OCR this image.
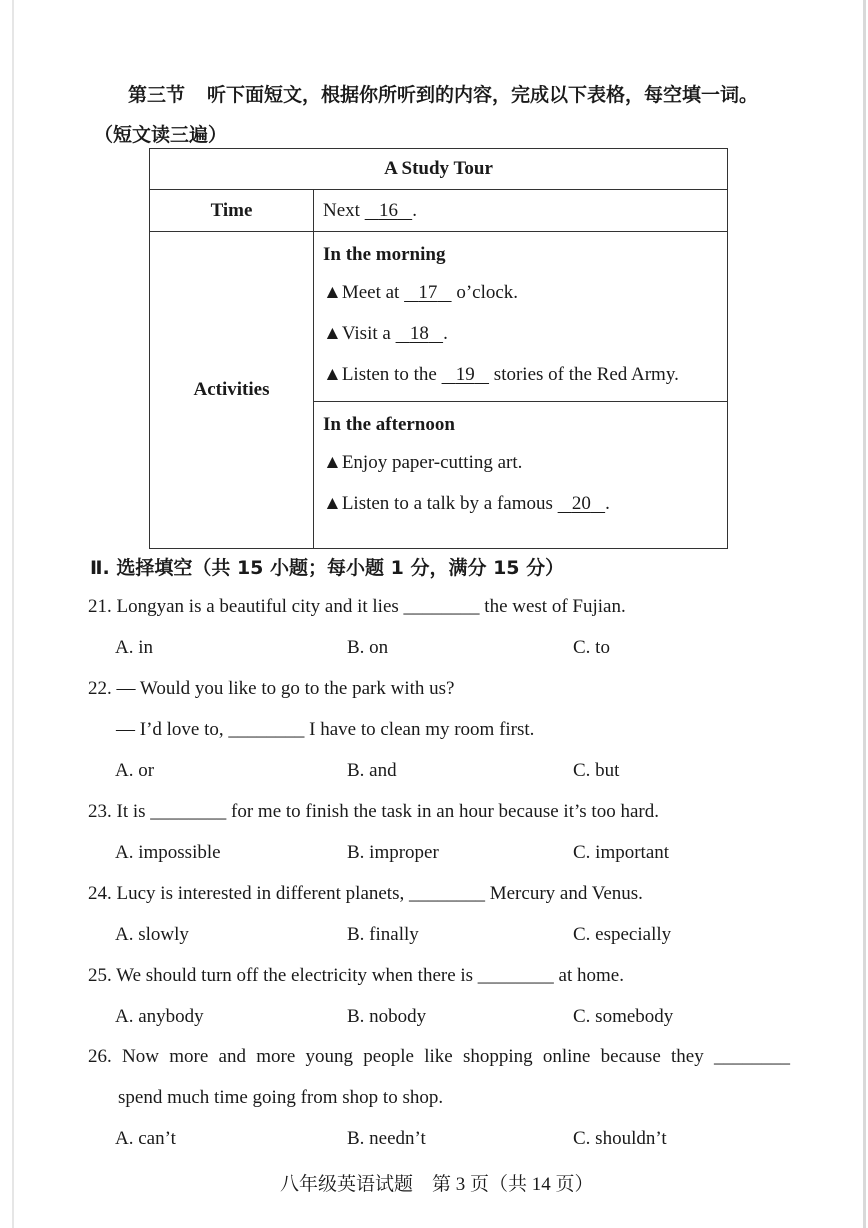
第三节 听下面短文，根据你所听到的内容，完成以下表格，每空填一词。
（短文读三遍）
A Study Tour	
Time	Next 16 .
Activities	In the morning
▲Meet at 17 o’clock.
▲Visit a 18 .
▲Listen to the 19 stories of the Red Army.

	In the afternoon
▲Enjoy paper-cutting art.
▲Listen to a talk by a famous 20 .
Ⅱ. 选择填空（共 15 小题；每小题 1 分，满分 15 分）
21. Longyan is a beautiful city and it lies ________ the west of Fujian.
A. in	B. on	C. to
22. — Would you like to go to the park with us?
— I’d love to, ________ I have to clean my room first.
A. or	B. and	C. but
23. It is ________ for me to finish the task in an hour because it’s too hard.
A. impossible	B. improper	C. important
24. Lucy is interested in different planets, ________ Mercury and Venus.
A. slowly	B. finally	C. especially
25. We should turn off the electricity when there is ________ at home.
A. anybody	B. nobody	C. somebody
26. Now more and more young people like shopping online because they ________
spend much time going from shop to shop.
A. can’t	B. needn’t	C. shouldn’t
八年级英语试题　第 3 页（共 14 页）
